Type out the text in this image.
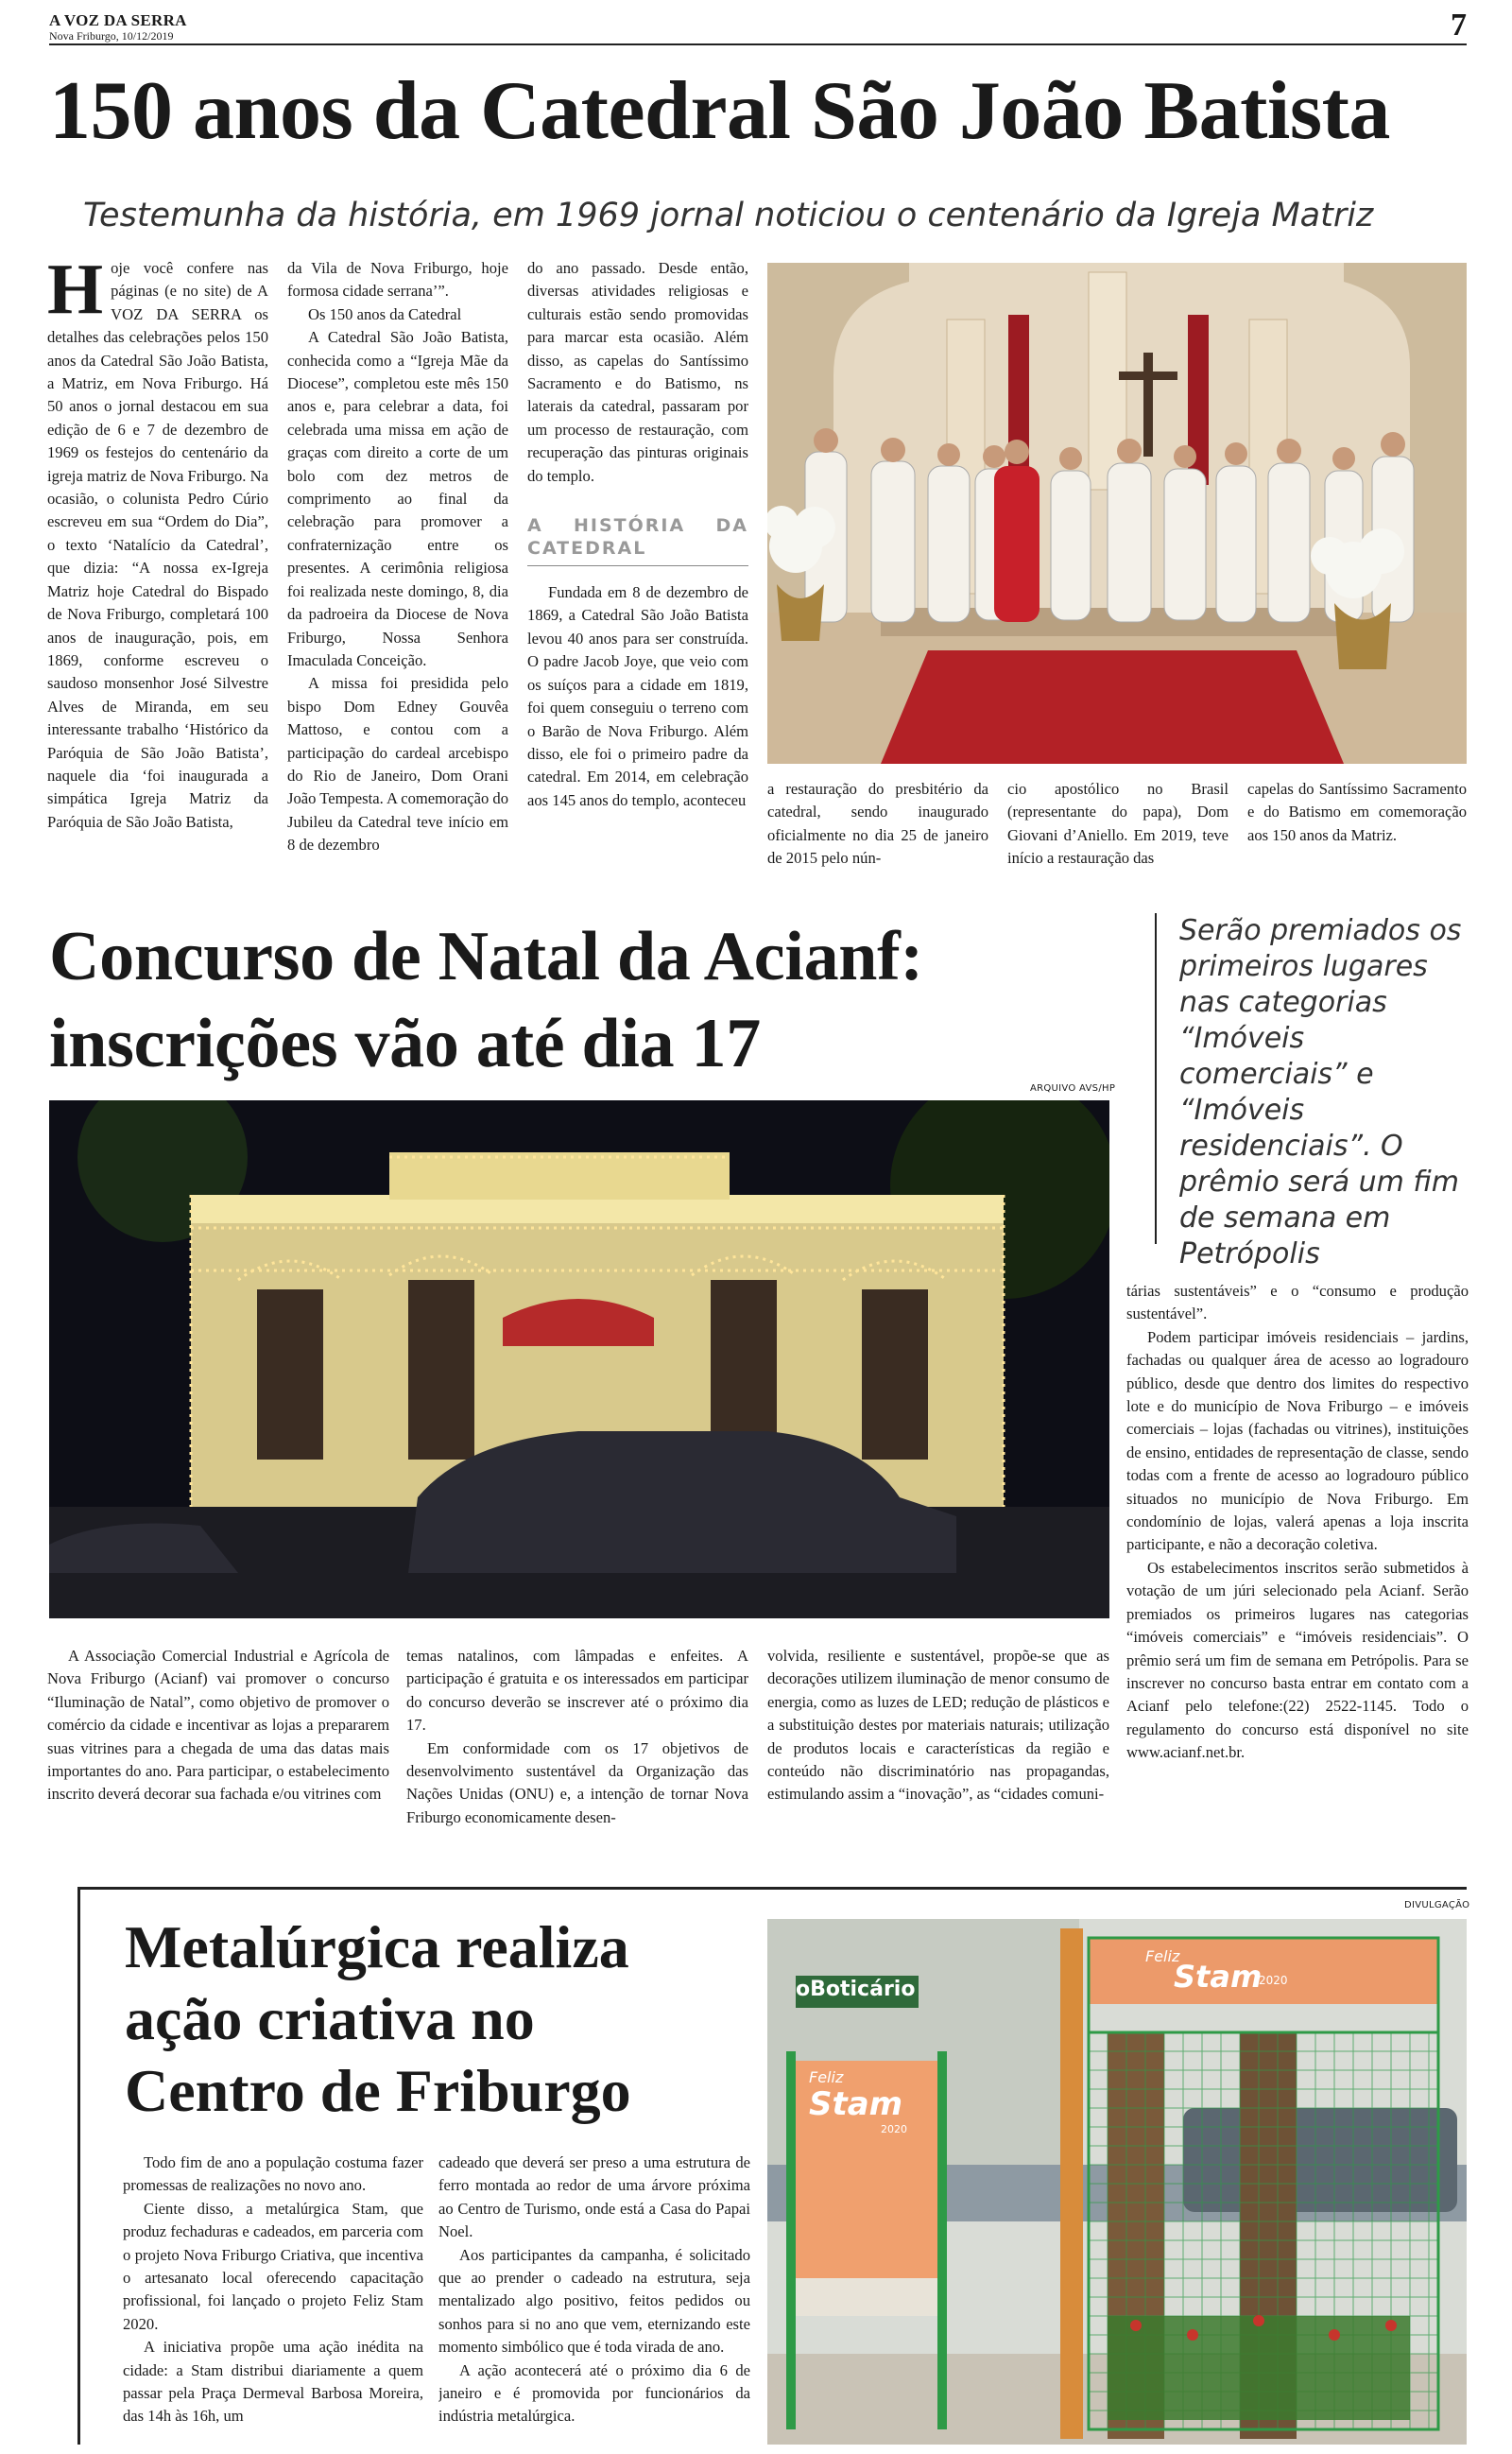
A VOZ DA SERRA
Nova Friburgo, 10/12/2019	7
150 anos da Catedral São João Batista
Testemunha da história, em 1969 jornal noticiou o centenário da Igreja Matriz
Hoje você confere nas páginas (e no site) de A VOZ DA SERRA os detalhes das celebrações pelos 150 anos da Catedral São João Batista, a Matriz, em Nova Friburgo. Há 50 anos o jornal destacou em sua edição de 6 e 7 de dezembro de 1969 os festejos do centenário da igreja matriz de Nova Friburgo. Na ocasião, o colunista Pedro Cúrio escreveu em sua “Ordem do Dia”, o texto ‘Natalício da Catedral’, que dizia: “A nossa ex-Igreja Matriz hoje Catedral do Bispado de Nova Friburgo, completará 100 anos de inauguração, pois, em 1869, conforme escreveu o saudoso monsenhor José Silvestre Alves de Miranda, em seu interessante trabalho ‘Histórico da Paróquia de São João Batista’, naquele dia ‘foi inaugurada a simpática Igreja Matriz da Paróquia de São João Batista,

da Vila de Nova Friburgo, hoje formosa cidade serrana’”.

Os 150 anos da Catedral

A Catedral São João Batista, conhecida como a “Igreja Mãe da Diocese”, completou este mês 150 anos e, para celebrar a data, foi celebrada uma missa em ação de graças com direito a corte de um bolo com dez metros de comprimento ao final da celebração para promover a confraternização entre os presentes. A cerimônia religiosa foi realizada neste domingo, 8, dia da padroeira da Diocese de Nova Friburgo, Nossa Senhora Imaculada Conceição.

A missa foi presidida pelo bispo Dom Edney Gouvêa Mattoso, e contou com a participação do cardeal arcebispo do Rio de Janeiro, Dom Orani João Tempesta. A comemoração do Jubileu da Catedral teve início em 8 de dezembro

do ano passado. Desde então, diversas atividades religiosas e culturais estão sendo promovidas para marcar esta ocasião. Além disso, as capelas do Santíssimo Sacramento e do Batismo, ns laterais da catedral, passaram por um processo de restauração, com recuperação das pinturas originais do templo.

A HISTÓRIA DA CATEDRAL

Fundada em 8 de dezembro de 1869, a Catedral São João Batista levou 40 anos para ser construída. O padre Jacob Joye, que veio com os suíços para a cidade em 1819, foi quem conseguiu o terreno com o Barão de Nova Friburgo. Além disso, ele foi o primeiro padre da catedral. Em 2014, em celebração aos 145 anos do templo, aconteceu

a restauração do presbitério da catedral, sendo inaugurado oficialmente no dia 25 de janeiro de 2015 pelo nún-

cio apostólico no Brasil (representante do papa), Dom Giovani d’Aniello. Em 2019, teve início a restauração das

capelas do Santíssimo Sacramento e do Batismo em comemoração aos 150 anos da Matriz.

Concurso de Natal da Acianf:
inscrições vão até dia 17
Serão premiados os primeiros lugares nas categorias “Imóveis comerciais” e “Imóveis residenciais”. O prêmio será um fim de semana em Petrópolis
ARQUIVO AVS/HP

A Associação Comercial Industrial e Agrícola de Nova Friburgo (Acianf) vai promover o concurso “Iluminação de Natal”, como objetivo de promover o comércio da cidade e incentivar as lojas a prepararem suas vitrines para a chegada de uma das datas mais importantes do ano. Para participar, o estabelecimento inscrito deverá decorar sua fachada e/ou vitrines com

temas natalinos, com lâmpadas e enfeites. A participação é gratuita e os interessados em participar do concurso deverão se inscrever até o próximo dia 17.

Em conformidade com os 17 objetivos de desenvolvimento sustentável da Organização das Nações Unidas (ONU) e, a intenção de tornar Nova Friburgo economicamente desen-

volvida, resiliente e sustentável, propõe-se que as decorações utilizem iluminação de menor consumo de energia, como as luzes de LED; redução de plásticos e a substituição destes por materiais naturais; utilização de produtos locais e características da região e conteúdo não discriminatório nas propagandas, estimulando assim a “inovação”, as “cidades comuni-

tárias sustentáveis” e o “consumo e produção sustentável”.

Podem participar imóveis residenciais – jardins, fachadas ou qualquer área de acesso ao logradouro público, desde que dentro dos limites do respectivo lote e do município de Nova Friburgo – e imóveis comerciais – lojas (fachadas ou vitrines), instituições de ensino, entidades de representação de classe, sendo todas com a frente de acesso ao logradouro público situados no município de Nova Friburgo. Em condomínio de lojas, valerá apenas a loja inscrita participante, e não a decoração coletiva.

Os estabelecimentos inscritos serão submetidos à votação de um júri selecionado pela Acianf. Serão premiados os primeiros lugares nas categorias “imóveis comerciais” e “imóveis residenciais”. O prêmio será um fim de semana em Petrópolis. Para se inscrever no concurso basta entrar em contato com a Acianf pelo telefone:(22) 2522-1145. Todo o regulamento do concurso está disponível no site www.acianf.net.br.

Metalúrgica realiza
ação criativa no
Centro de Friburgo

Todo fim de ano a população costuma fazer promessas de realizações no novo ano.

Ciente disso, a metalúrgica Stam, que produz fechaduras e cadeados, em parceria com o projeto Nova Friburgo Criativa, que incentiva o artesanato local oferecendo capacitação profissional, foi lançado o projeto Feliz Stam 2020.

A iniciativa propõe uma ação inédita na cidade: a Stam distribui diariamente a quem passar pela Praça Dermeval Barbosa Moreira, das 14h às 16h, um

cadeado que deverá ser preso a uma estrutura de ferro montada ao redor de uma árvore próxima ao Centro de Turismo, onde está a Casa do Papai Noel.

Aos participantes da campanha, é solicitado que ao prender o cadeado na estrutura, seja mentalizado algo positivo, feitos pedidos ou sonhos para si no ano que vem, eternizando este momento simbólico que é toda virada de ano.

A ação acontecerá até o próximo dia 6 de janeiro e é promovida por funcionários da indústria metalúrgica.

DIVULGAÇÃO
oBoticário
Feliz
Stam
2020
Feliz
Stam
2020
